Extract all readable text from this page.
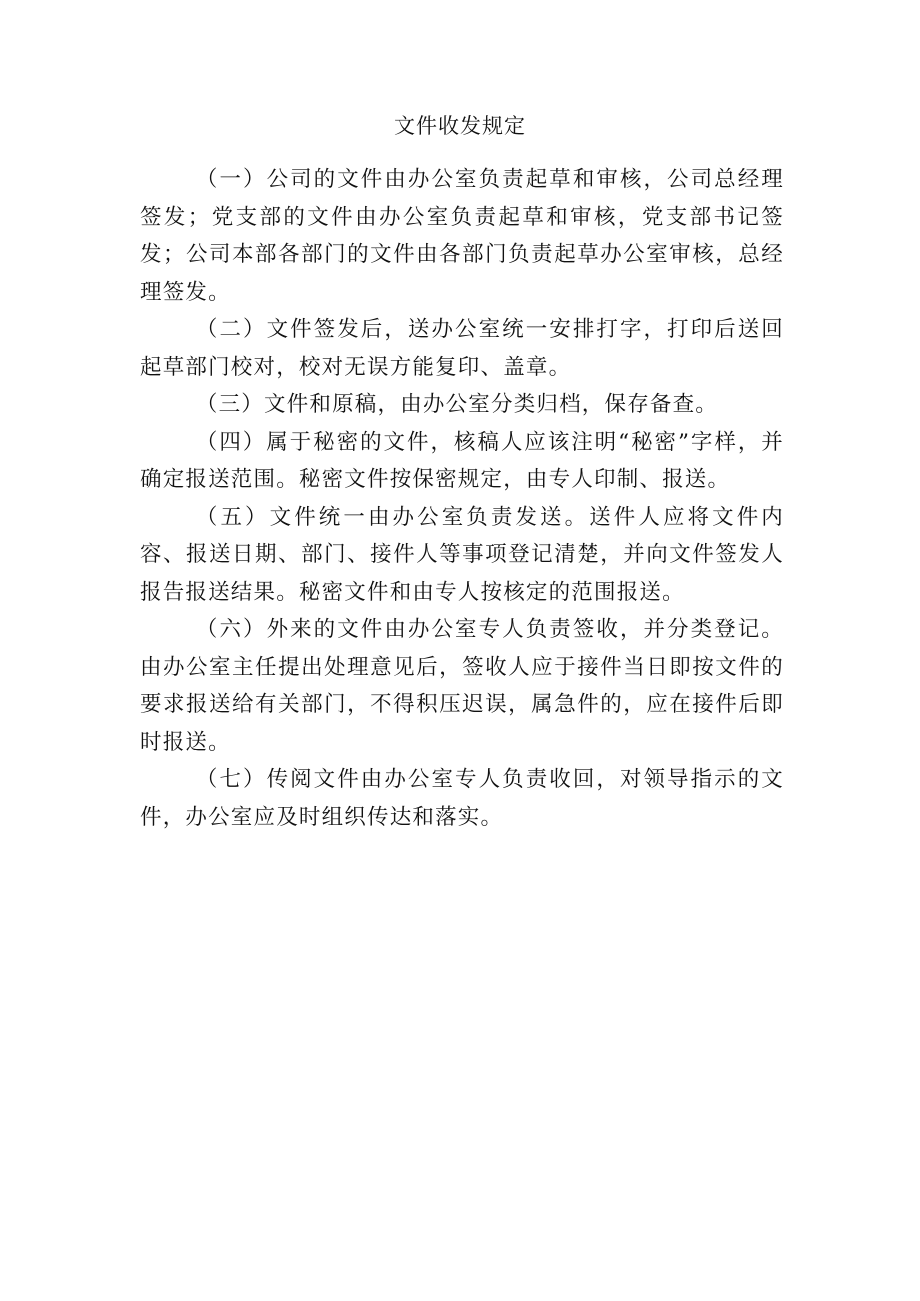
文件收发规定

（一）公司的文件由办公室负责起草和审核，公司总经理签发；党支部的文件由办公室负责起草和审核，党支部书记签发；公司本部各部门的文件由各部门负责起草办公室审核，总经理签发。

（二）文件签发后，送办公室统一安排打字，打印后送回起草部门校对，校对无误方能复印、盖章。

（三）文件和原稿，由办公室分类归档，保存备查。

（四）属于秘密的文件，核稿人应该注明“秘密”字样，并确定报送范围。秘密文件按保密规定，由专人印制、报送。

（五）文件统一由办公室负责发送。送件人应将文件内容、报送日期、部门、接件人等事项登记清楚，并向文件签发人报告报送结果。秘密文件和由专人按核定的范围报送。

（六）外来的文件由办公室专人负责签收，并分类登记。由办公室主任提出处理意见后，签收人应于接件当日即按文件的要求报送给有关部门，不得积压迟误，属急件的，应在接件后即时报送。

（七）传阅文件由办公室专人负责收回，对领导指示的文件，办公室应及时组织传达和落实。
